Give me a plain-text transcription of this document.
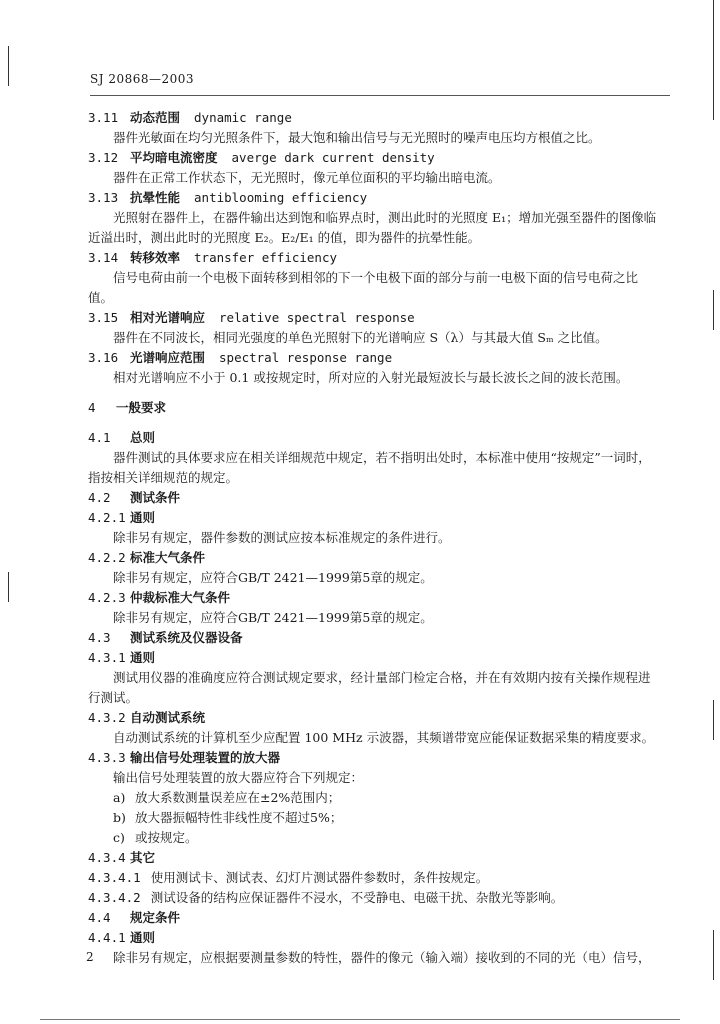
SJ 20868—2003
3.11 动态范围 dynamic range
器件光敏面在均匀光照条件下，最大饱和输出信号与无光照时的噪声电压均方根值之比。
3.12 平均暗电流密度 averge dark current density
器件在正常工作状态下，无光照时，像元单位面积的平均输出暗电流。
3.13 抗晕性能 antiblooming efficiency
光照射在器件上，在器件输出达到饱和临界点时，测出此时的光照度 E₁；增加光强至器件的图像临近溢出时，测出此时的光照度 E₂。E₂/E₁ 的值，即为器件的抗晕性能。
3.14 转移效率 transfer efficiency
信号电荷由前一个电极下面转移到相邻的下一个电极下面的部分与前一电极下面的信号电荷之比值。
3.15 相对光谱响应 relative spectral response
器件在不同波长，相同光强度的单色光照射下的光谱响应 S（λ）与其最大值 Sₘ 之比值。
3.16 光谱响应范围 spectral response range
相对光谱响应不小于 0.1 或按规定时，所对应的入射光最短波长与最长波长之间的波长范围。
4 一般要求
4.1 总则
器件测试的具体要求应在相关详细规范中规定，若不指明出处时，本标准中使用“按规定”一词时，指按相关详细规范的规定。
4.2 测试条件
4.2.1 通则
除非另有规定，器件参数的测试应按本标准规定的条件进行。
4.2.2 标准大气条件
除非另有规定，应符合GB/T 2421—1999第5章的规定。
4.2.3 仲裁标准大气条件
除非另有规定，应符合GB/T 2421—1999第5章的规定。
4.3 测试系统及仪器设备
4.3.1 通则
测试用仪器的准确度应符合测试规定要求，经计量部门检定合格，并在有效期内按有关操作规程进行测试。
4.3.2 自动测试系统
自动测试系统的计算机至少应配置 100 MHz 示波器，其频谱带宽应能保证数据采集的精度要求。
4.3.3 输出信号处理装置的放大器
输出信号处理装置的放大器应符合下列规定：
a) 放大系数测量误差应在±2%范围内；
b) 放大器振幅特性非线性度不超过5%；
c) 或按规定。
4.3.4 其它
4.3.4.1 使用测试卡、测试表、幻灯片测试器件参数时，条件按规定。
4.3.4.2 测试设备的结构应保证器件不浸水，不受静电、电磁干扰、杂散光等影响。
4.4 规定条件
4.4.1 通则
除非另有规定，应根据要测量参数的特性，器件的像元（输入端）接收到的不同的光（电）信号，
2
